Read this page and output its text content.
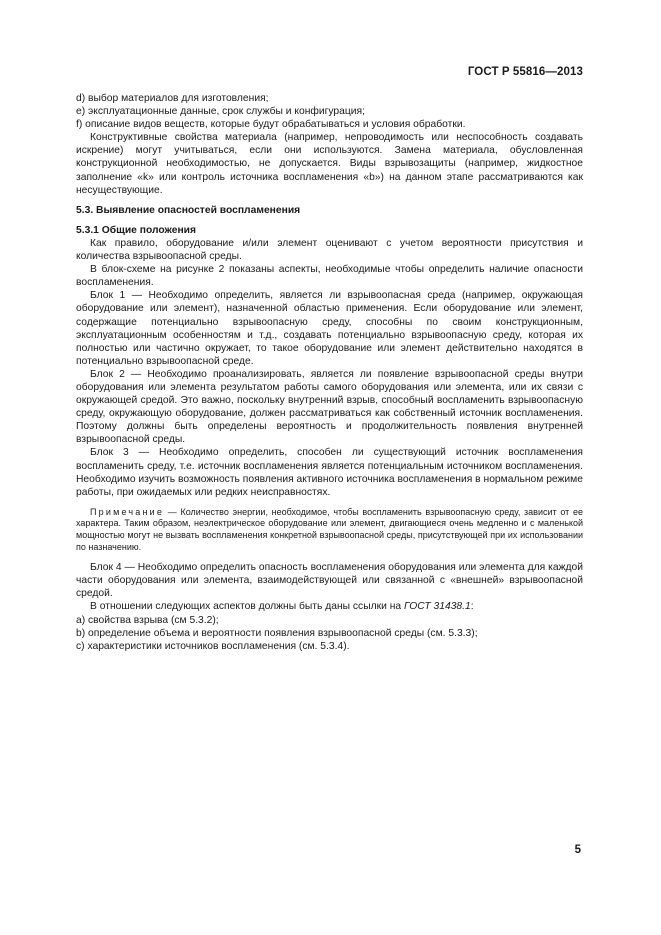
ГОСТ Р 55816—2013

d) выбор материалов для изготовления;

e) эксплуатационные данные, срок службы и конфигурация;

f) описание видов веществ, которые будут обрабатываться и условия обработки.

Конструктивные свойства материала (например, непроводимость или неспособность создавать искрение) могут учитываться, если они используются. Замена материала, обусловленная конструкционной необходимостью, не допускается. Виды взрывозащиты (например, жидкостное заполнение «k» или контроль источника воспламенения «b») на данном этапе рассматриваются как несуществующие.

5.3. Выявление опасностей воспламенения

5.3.1 Общие положения

Как правило, оборудование и/или элемент оценивают с учетом вероятности присутствия и количества взрывоопасной среды.

В блок-схеме на рисунке 2 показаны аспекты, необходимые чтобы определить наличие опасности воспламенения.

Блок 1 — Необходимо определить, является ли взрывоопасная среда (например, окружающая оборудование или элемент), назначенной областью применения. Если оборудование или элемент, содержащие потенциально взрывоопасную среду, способны по своим конструкционным, эксплуатационным особенностям и т.д., создавать потенциально взрывоопасную среду, которая их полностью или частично окружает, то такое оборудование или элемент действительно находятся в потенциально взрывоопасной среде.

Блок 2 — Необходимо проанализировать, является ли появление взрывоопасной среды внутри оборудования или элемента результатом работы самого оборудования или элемента, или их связи с окружающей средой. Это важно, поскольку внутренний взрыв, способный воспламенить взрывоопасную среду, окружающую оборудование, должен рассматриваться как собственный источник воспламенения. Поэтому должны быть определены вероятность и продолжительность появления внутренней взрывоопасной среды.

Блок 3 — Необходимо определить, способен ли существующий источник воспламенения воспламенить среду, т.е. источник воспламенения является потенциальным источником воспламенения. Необходимо изучить возможность появления активного источника воспламенения в нормальном режиме работы, при ожидаемых или редких неисправностях.

Примечание — Количество энергии, необходимое, чтобы воспламенить взрывоопасную среду, зависит от ее характера. Таким образом, неэлектрическое оборудование или элемент, двигающиеся очень медленно и с маленькой мощностью могут не вызвать воспламенения конкретной взрывоопасной среды, присутствующей при их использовании по назначению.

Блок 4 — Необходимо определить опасность воспламенения оборудования или элемента для каждой части оборудования или элемента, взаимодействующей или связанной с «внешней» взрывоопасной средой.

В отношении следующих аспектов должны быть даны ссылки на ГОСТ 31438.1:

a) свойства взрыва (см 5.3.2);

b) определение объема и вероятности появления взрывоопасной среды (см. 5.3.3);

c) характеристики источников воспламенения (см. 5.3.4).

5
